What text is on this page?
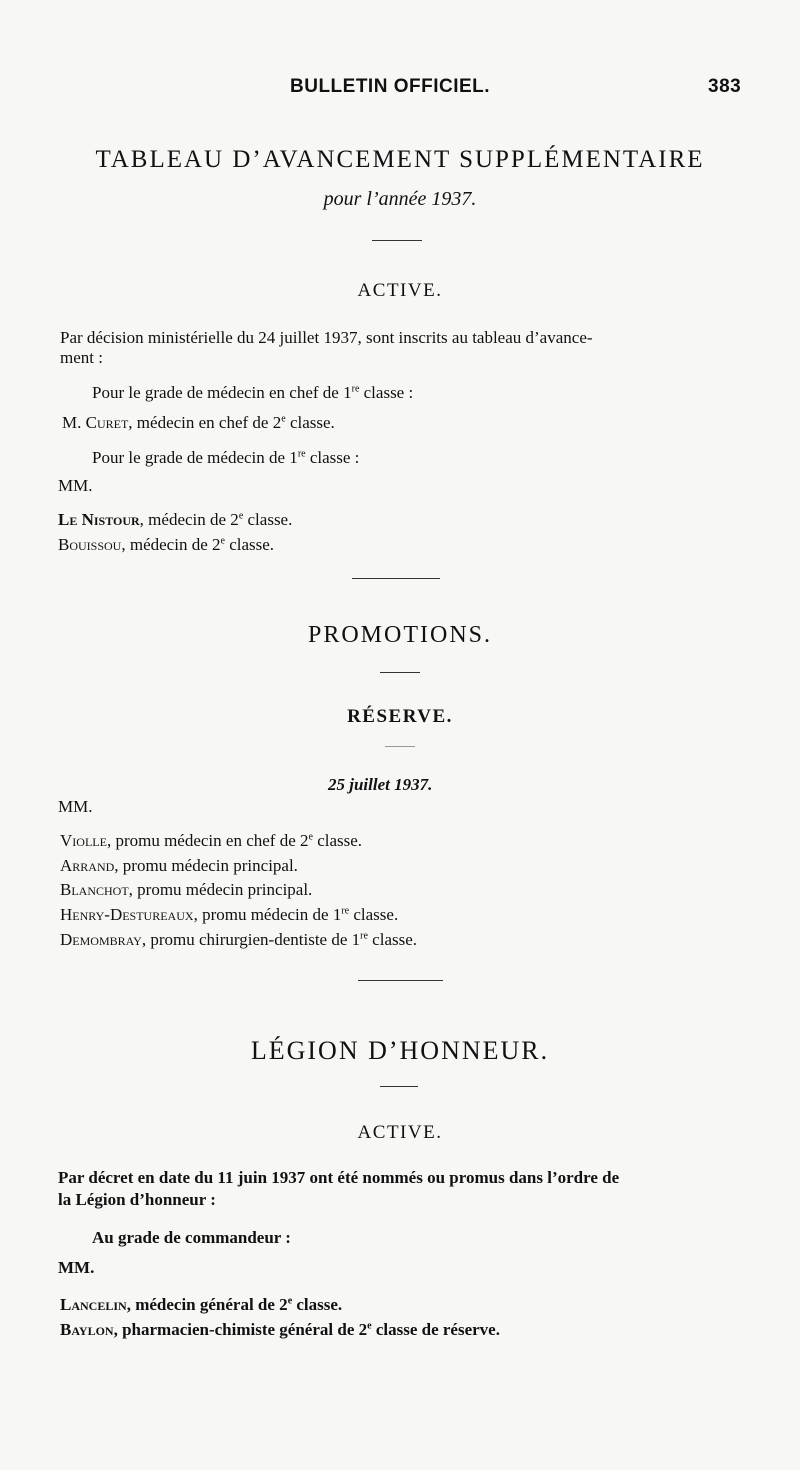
BULLETIN OFFICIEL.	383
TABLEAU D’AVANCEMENT SUPPLÉMENTAIRE
pour l’année 1937.
ACTIVE.
Par décision ministérielle du 24 juillet 1937, sont inscrits au tableau d’avance-
ment :
Pour le grade de médecin en chef de 1re classe :
M. Curet, médecin en chef de 2e classe.
Pour le grade de médecin de 1re classe :
MM.
Le Nistour, médecin de 2e classe.
Bouissou, médecin de 2e classe.
PROMOTIONS.
RÉSERVE.
25 juillet 1937.
MM.
Violle, promu médecin en chef de 2e classe.
Arrand, promu médecin principal.
Blanchot, promu médecin principal.
Henry-Destureaux, promu médecin de 1re classe.
Demombray, promu chirurgien-dentiste de 1re classe.
LÉGION D’HONNEUR.
ACTIVE.
Par décret en date du 11 juin 1937 ont été nommés ou promus dans l’ordre de
la Légion d’honneur :
Au grade de commandeur :
MM.
Lancelin, médecin général de 2e classe.
Baylon, pharmacien-chimiste général de 2e classe de réserve.
